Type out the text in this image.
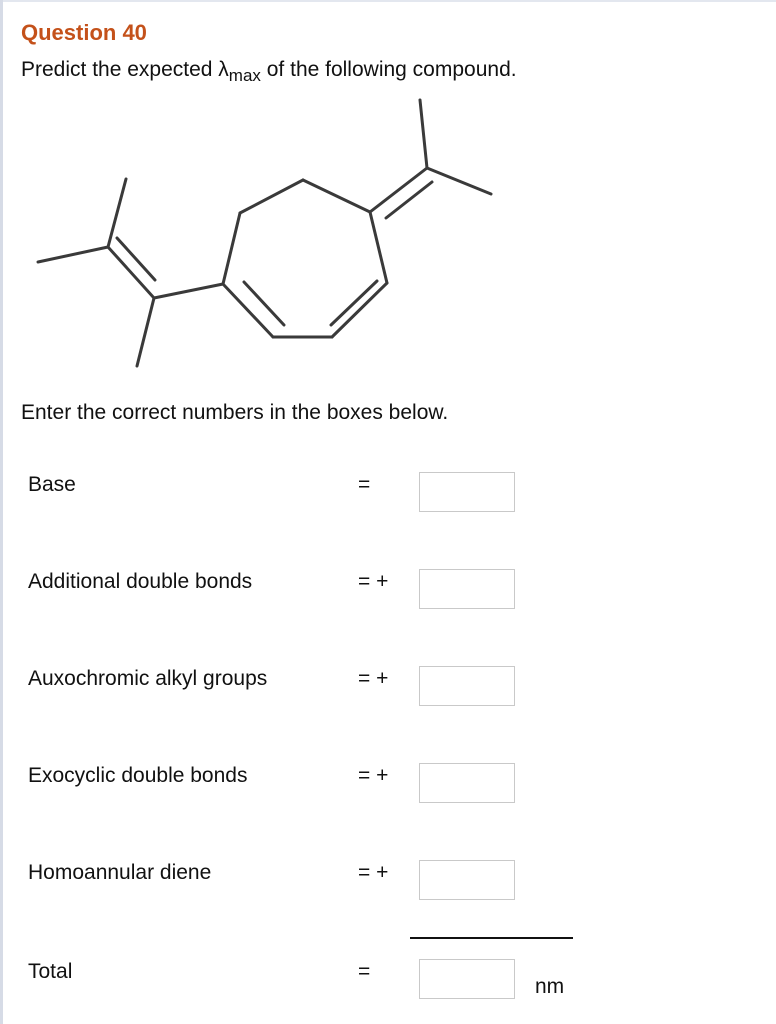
Question 40
Predict the expected $\lambda_{max}$ of the following compound.
Enter the correct numbers in the boxes below.
Base	=
Additional double bonds	= +
Auxochromic alkyl groups	= +
Exocyclic double bonds	= +
Homoannular diene	= +
Total	=
nm
